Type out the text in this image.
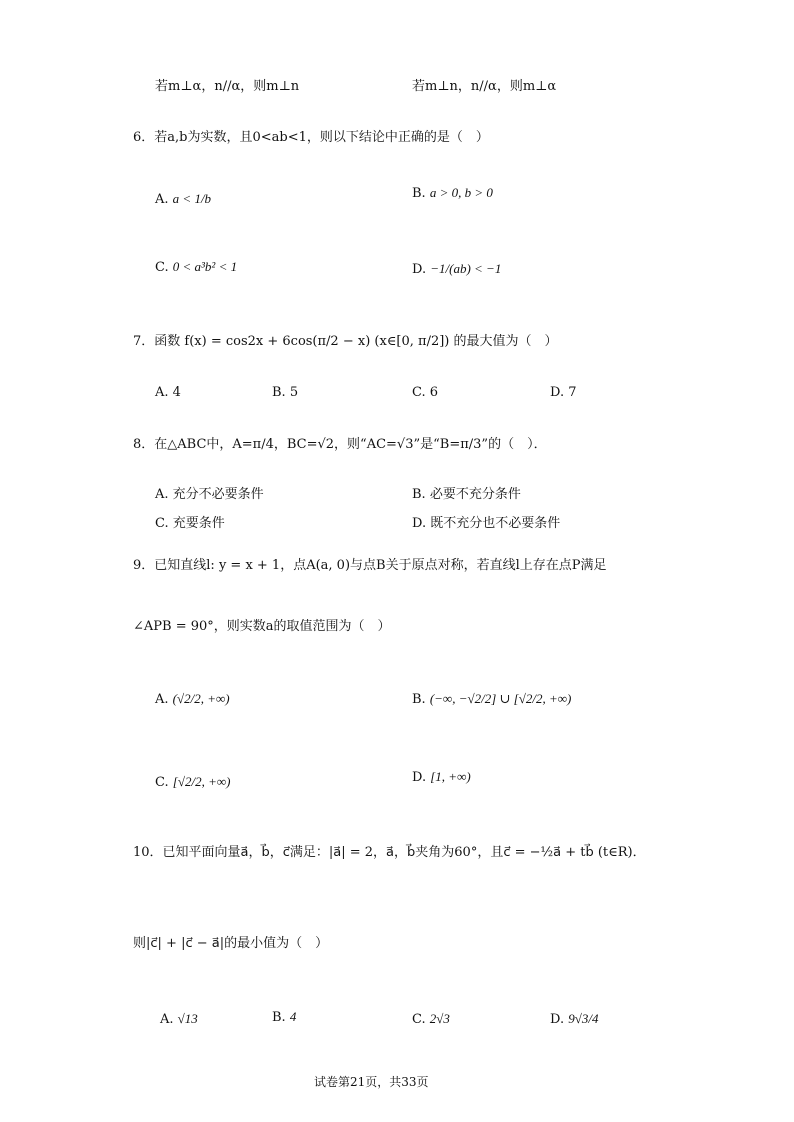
若m⊥α，n//α，则m⊥n	若m⊥n，n//α，则m⊥α
6．若a,b为实数，且0<ab<1，则以下结论中正确的是（　）
A. a < 1/b	B. a > 0, b > 0
C. 0 < a³b² < 1	D. −1/(ab) < −1
7．函数 f(x) = cos2x + 6cos(π/2 − x) (x∈[0, π/2]) 的最大值为（　）
A. 4	B. 5	C. 6	D. 7
8．在△ABC中，A=π/4，BC=√2，则“AC=√3”是“B=π/3”的（　）．
A. 充分不必要条件	B. 必要不充分条件
C. 充要条件	D. 既不充分也不必要条件
9．已知直线l: y = x + 1，点A(a, 0)与点B关于原点对称，若直线l上存在点P满足
∠APB = 90°，则实数a的取值范围为（　）
A. (√2/2, +∞)	B. (−∞, −√2/2] ∪ [√2/2, +∞)
C. [√2/2, +∞)	D. [1, +∞)
10．已知平面向量a⃗，b⃗，c⃗满足：|a⃗| = 2，a⃗，b⃗夹角为60°，且c⃗ = −½a⃗ + tb⃗ (t∈R)．
则|c⃗| + |c⃗ − a⃗|的最小值为（　）
A. √13	B. 4	C. 2√3	D. 9√3/4
试卷第21页，共33页
